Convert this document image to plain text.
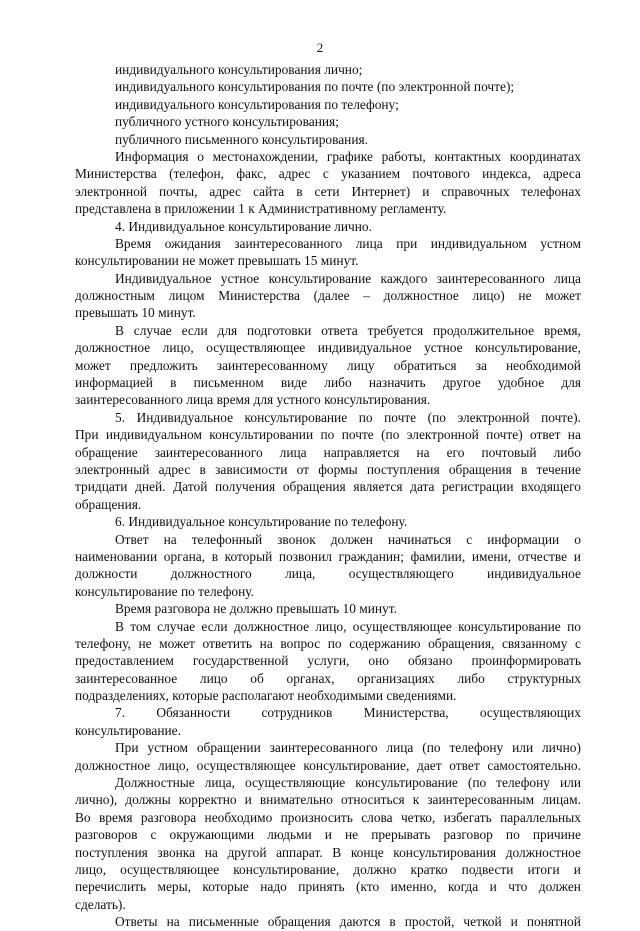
2
индивидуального консультирования лично;
индивидуального консультирования по почте (по электронной почте);
индивидуального консультирования по телефону;
публичного устного консультирования;
публичного письменного консультирования.
Информация о местонахождении, графике работы, контактных координатах
Министерства (телефон, факс, адрес с указанием почтового индекса, адреса
электронной почты, адрес сайта в сети Интернет) и справочных телефонах
представлена в приложении 1 к Административному регламенту.
4. Индивидуальное консультирование лично.
Время ожидания заинтересованного лица при индивидуальном устном
консультировании не может превышать 15 минут.
Индивидуальное устное консультирование каждого заинтересованного лица
должностным лицом Министерства (далее – должностное лицо) не может
превышать 10 минут.
В случае если для подготовки ответа требуется продолжительное время,
должностное лицо, осуществляющее индивидуальное устное консультирование,
может предложить заинтересованному лицу обратиться за необходимой
информацией в письменном виде либо назначить другое удобное для
заинтересованного лица время для устного консультирования.
5. Индивидуальное консультирование по почте (по электронной почте).
При индивидуальном консультировании по почте (по электронной почте) ответ на
обращение заинтересованного лица направляется на его почтовый либо
электронный адрес в зависимости от формы поступления обращения в течение
тридцати дней. Датой получения обращения является дата регистрации входящего
обращения.
6. Индивидуальное консультирование по телефону.
Ответ на телефонный звонок должен начинаться с информации о
наименовании органа, в который позвонил гражданин; фамилии, имени, отчестве и
должности должностного лица, осуществляющего индивидуальное
консультирование по телефону.
Время разговора не должно превышать 10 минут.
В том случае если должностное лицо, осуществляющее консультирование по
телефону, не может ответить на вопрос по содержанию обращения, связанному с
предоставлением государственной услуги, оно обязано проинформировать
заинтересованное лицо об органах, организациях либо структурных
подразделениях, которые располагают необходимыми сведениями.
7. Обязанности сотрудников Министерства, осуществляющих
консультирование.
При устном обращении заинтересованного лица (по телефону или лично)
должностное лицо, осуществляющее консультирование, дает ответ самостоятельно.
Должностные лица, осуществляющие консультирование (по телефону или
лично), должны корректно и внимательно относиться к заинтересованным лицам.
Во время разговора необходимо произносить слова четко, избегать параллельных
разговоров с окружающими людьми и не прерывать разговор по причине
поступления звонка на другой аппарат. В конце консультирования должностное
лицо, осуществляющее консультирование, должно кратко подвести итоги и
перечислить меры, которые надо принять (кто именно, когда и что должен
сделать).
Ответы на письменные обращения даются в простой, четкой и понятной
